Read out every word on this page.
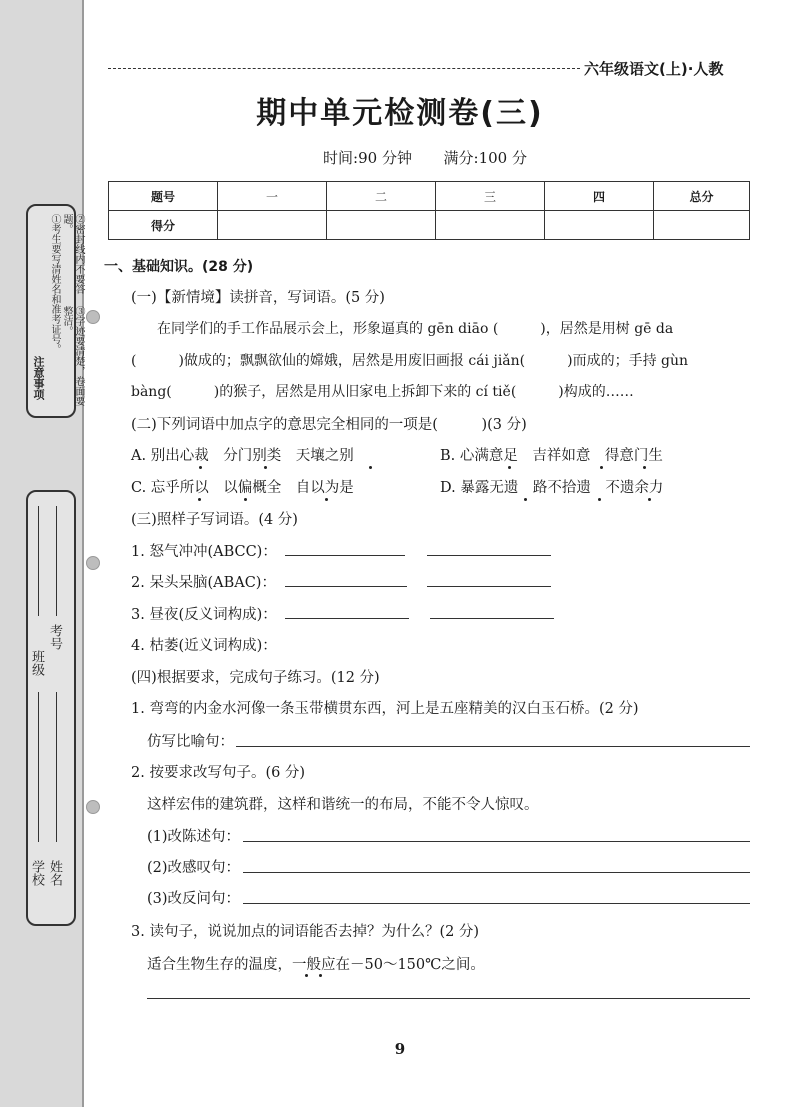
注意事项
①考生要写清姓名和准考证号。	②密封线内不要答题。
③字迹要清楚，卷面要整洁。
班级
考号
学校 姓名
六年级语文(上)·人教
期中单元检测卷(三)
时间:90 分钟 满分:100 分
题号	一	二	三	四	总分
得分					
一、基础知识。(28 分)
(一)【新情境】读拼音，写词语。(5 分)
在同学们的手工作品展示会上，形象逼真的 gēn diāo (　　　)，居然是用树 gē da
(　　　)做成的；飘飘欲仙的嫦娥，居然是用废旧画报 cái jiǎn(　　　)而成的；手持 gùn
bàng(　　　)的猴子，居然是用从旧家电上拆卸下来的 cí tiě(　　　)构成的……
(二)下列词语中加点字的意思完全相同的一项是(　　　)(3 分)
A. 别出心裁　分门别类　天壤之别	B. 心满意足　吉祥如意　得意门生
C. 忘乎所以　以偏概全　自以为是	D. 暴露无遗　路不拾遗　不遗余力
(三)照样子写词语。(4 分)
1. 怒气冲冲(ABCC)：
2. 呆头呆脑(ABAC)：
3. 昼夜(反义词构成)：
4. 枯萎(近义词构成)：
(四)根据要求，完成句子练习。(12 分)
1. 弯弯的内金水河像一条玉带横贯东西，河上是五座精美的汉白玉石桥。(2 分)
仿写比喻句：
2. 按要求改写句子。(6 分)
这样宏伟的建筑群，这样和谐统一的布局，不能不令人惊叹。
(1)改陈述句：
(2)改感叹句：
(3)改反问句：
3. 读句子，说说加点的词语能否去掉？为什么？(2 分)
适合生物生存的温度，一般应在－50～150℃之间。
9
